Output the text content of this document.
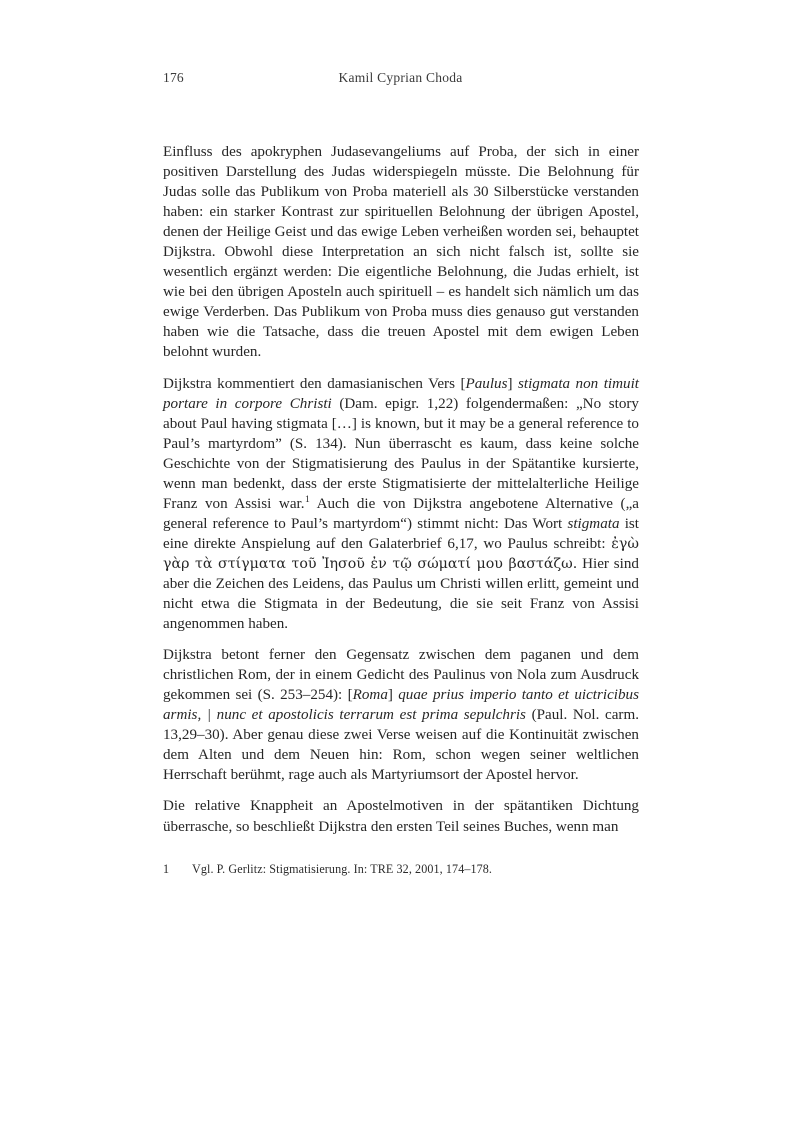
176	Kamil Cyprian Choda

Einfluss des apokryphen Judasevangeliums auf Proba, der sich in einer positiven Darstellung des Judas widerspiegeln müsste. Die Belohnung für Judas solle das Publikum von Proba materiell als 30 Silberstücke verstanden haben: ein starker Kontrast zur spirituellen Belohnung der übrigen Apostel, denen der Heilige Geist und das ewige Leben verheißen worden sei, behauptet Dijkstra. Obwohl diese Interpretation an sich nicht falsch ist, sollte sie wesentlich ergänzt werden: Die eigentliche Belohnung, die Judas erhielt, ist wie bei den übrigen Aposteln auch spirituell – es handelt sich nämlich um das ewige Verderben. Das Publikum von Proba muss dies genauso gut verstanden haben wie die Tatsache, dass die treuen Apostel mit dem ewigen Leben belohnt wurden.

Dijkstra kommentiert den damasianischen Vers [Paulus] stigmata non timuit portare in corpore Christi (Dam. epigr. 1,22) folgendermaßen: „No story about Paul having stigmata […] is known, but it may be a general reference to Paul’s martyrdom” (S. 134). Nun überrascht es kaum, dass keine solche Geschichte von der Stigmatisierung des Paulus in der Spätantike kursierte, wenn man bedenkt, dass der erste Stigmatisierte der mittelalterliche Heilige Franz von Assisi war.$^1$ Auch die von Dijkstra angebotene Alternative („a general reference to Paul’s martyrdom“) stimmt nicht: Das Wort stigmata ist eine direkte Anspielung auf den Galaterbrief 6,17, wo Paulus schreibt: ἐγὼ γὰρ τὰ στίγματα τοῦ Ἰησοῦ ἐν τῷ σώματί μου βαστάζω. Hier sind aber die Zeichen des Leidens, das Paulus um Christi willen erlitt, gemeint und nicht etwa die Stigmata in der Bedeutung, die sie seit Franz von Assisi angenommen haben.

Dijkstra betont ferner den Gegensatz zwischen dem paganen und dem christlichen Rom, der in einem Gedicht des Paulinus von Nola zum Ausdruck gekommen sei (S. 253–254): [Roma] quae prius imperio tanto et uictricibus armis, | nunc et apostolicis terrarum est prima sepulchris (Paul. Nol. carm. 13,29–30). Aber genau diese zwei Verse weisen auf die Kontinuität zwischen dem Alten und dem Neuen hin: Rom, schon wegen seiner weltlichen Herrschaft berühmt, rage auch als Martyriumsort der Apostel hervor.

Die relative Knappheit an Apostelmotiven in der spätantiken Dichtung überrasche, so beschließt Dijkstra den ersten Teil seines Buches, wenn man

1	Vgl. P. Gerlitz: Stigmatisierung. In: TRE 32, 2001, 174–178.
